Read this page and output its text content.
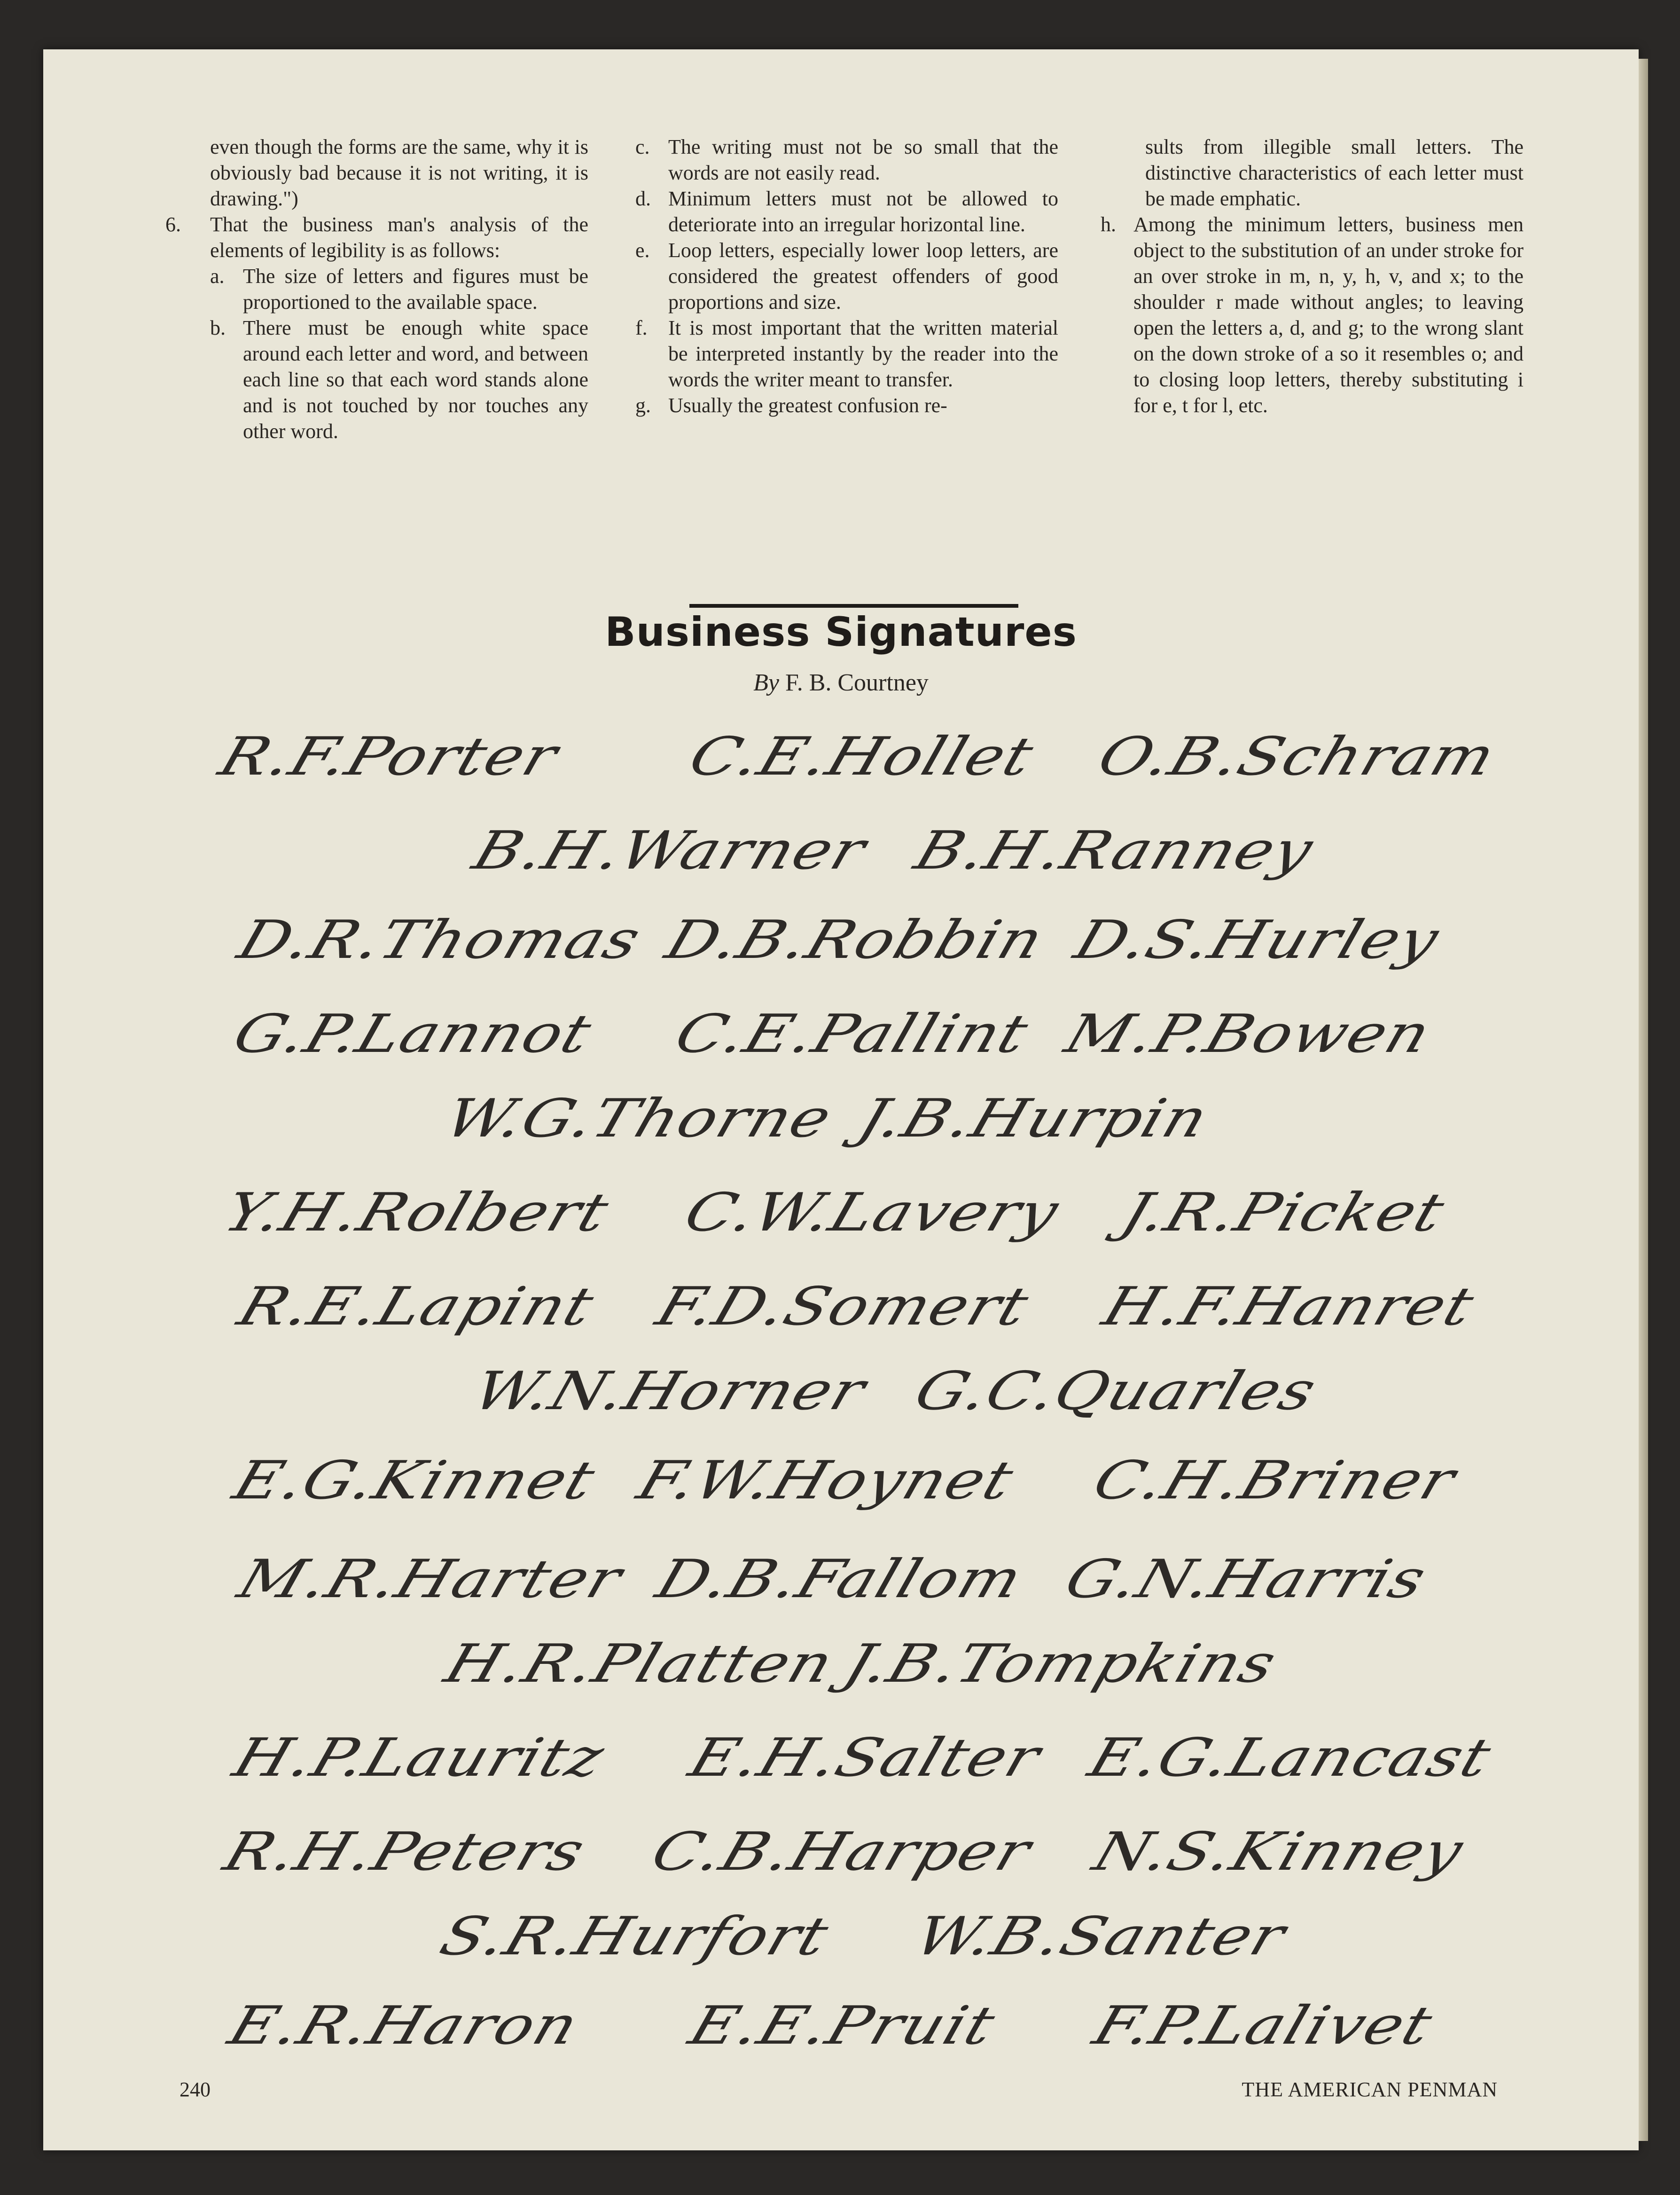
even though the forms are the same, why it is obviously bad because it is not writing, it is drawing.")

6. That the business man's analysis of the elements of legibility is as follows:
a. The size of letters and figures must be proportioned to the available space.
b. There must be enough white space around each letter and word, and between each line so that each word stands alone and is not touched by nor touches any other word.
c. The writing must not be so small that the words are not easily read.
d. Minimum letters must not be allowed to deteriorate into an irregular horizontal line.
e. Loop letters, especially lower loop letters, are considered the greatest offenders of good proportions and size.
f. It is most important that the written material be interpreted instantly by the reader into the words the writer meant to transfer.
g. Usually the greatest confusion re-

sults from illegible small letters. The distinctive characteristics of each letter must be made emphatic.

h. Among the minimum letters, business men object to the substitution of an under stroke for an over stroke in m, n, y, h, v, and x; to the shoulder r made without angles; to leaving open the letters a, d, and g; to the wrong slant on the down stroke of a so it resembles o; and to closing loop letters, thereby substituting i for e, t for l, etc.
Business Signatures
By F. B. Courtney
R.F.Porter C.E.Hollet O.B.Schram
B.H.Warner B.H.Ranney
D.R.Thomas D.B.Robbin D.S.Hurley
G.P.Lannot C.E.Pallint M.P.Bowen
W.G.Thorne J.B.Hurpin
Y.H.Rolbert C.W.Lavery J.R.Picket
R.E.Lapint F.D.Somert H.F.Hanret
W.N.Horner G.C.Quarles
E.G.Kinnet F.W.Hoynet C.H.Briner
M.R.Harter D.B.Fallom G.N.Harris
H.R.Platten
J.B.Tompkins
H.P.Lauritz E.H.Salter E.G.Lancast
R.H.Peters C.B.Harper N.S.Kinney
S.R.Hurfort W.B.Santer
E.R.Haron E.E.Pruit F.P.Lalivet
240	THE AMERICAN PENMAN
